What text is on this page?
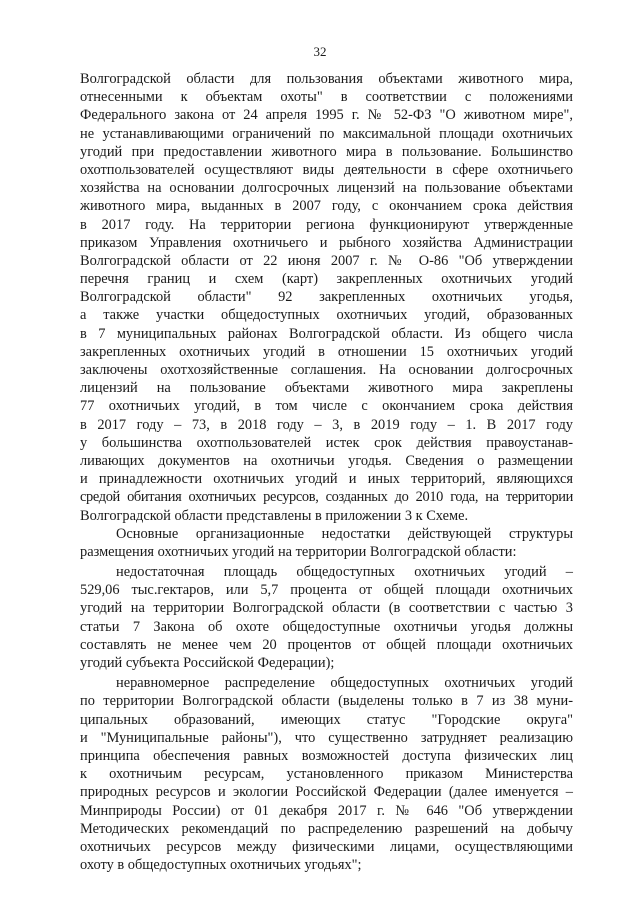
32
Волгоградской области для пользования объектами животного мира,
отнесенными к объектам охоты" в соответствии с положениями
Федерального закона от 24 апреля 1995 г. № 52-ФЗ "О животном мире",
не устанавливающими ограничений по максимальной площади охотничьих
угодий при предоставлении животного мира в пользование. Большинство
охотпользователей осуществляют виды деятельности в сфере охотничьего
хозяйства на основании долгосрочных лицензий на пользование объектами
животного мира, выданных в 2007 году, с окончанием срока действия
в 2017 году. На территории региона функционируют утвержденные
приказом Управления охотничьего и рыбного хозяйства Администрации
Волгоградской области от 22 июня 2007 г. № О-86 "Об утверждении
перечня границ и схем (карт) закрепленных охотничьих угодий
Волгоградской области" 92 закрепленных охотничьих угодья,
а также участки общедоступных охотничьих угодий, образованных
в 7 муниципальных районах Волгоградской области. Из общего числа
закрепленных охотничьих угодий в отношении 15 охотничьих угодий
заключены охотхозяйственные соглашения. На основании долгосрочных
лицензий на пользование объектами животного мира закреплены
77 охотничьих угодий, в том числе с окончанием срока действия
в 2017 году – 73, в 2018 году – 3, в 2019 году – 1. В 2017 году
у большинства охотпользователей истек срок действия правоустанав-
ливающих документов на охотничьи угодья. Сведения о размещении
и принадлежности охотничьих угодий и иных территорий, являющихся
средой обитания охотничьих ресурсов, созданных до 2010 года, на территории
Волгоградской области представлены в приложении 3 к Схеме.
Основные организационные недостатки действующей структуры
размещения охотничьих угодий на территории Волгоградской области:
недостаточная площадь общедоступных охотничьих угодий –
529,06 тыс.гектаров, или 5,7 процента от общей площади охотничьих
угодий на территории Волгоградской области (в соответствии с частью 3
статьи 7 Закона об охоте общедоступные охотничьи угодья должны
составлять не менее чем 20 процентов от общей площади охотничьих
угодий субъекта Российской Федерации);
неравномерное распределение общедоступных охотничьих угодий
по территории Волгоградской области (выделены только в 7 из 38 муни-
ципальных образований, имеющих статус "Городские округа"
и "Муниципальные районы"), что существенно затрудняет реализацию
принципа обеспечения равных возможностей доступа физических лиц
к охотничьим ресурсам, установленного приказом Министерства
природных ресурсов и экологии Российской Федерации (далее именуется –
Минприроды России) от 01 декабря 2017 г. № 646 "Об утверждении
Методических рекомендаций по распределению разрешений на добычу
охотничьих ресурсов между физическими лицами, осуществляющими
охоту в общедоступных охотничьих угодьях";
